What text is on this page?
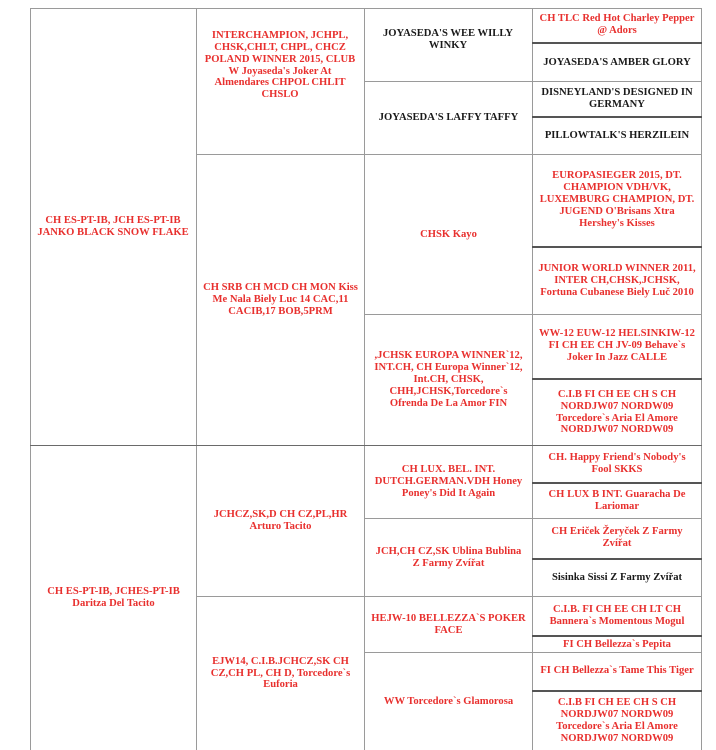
CH ES-PT-IB, JCH ES-PT-IB JANKO BLACK SNOW FLAKE
CH ES-PT-IB, JCHES-PT-IB Daritza Del Tacito
INTERCHAMPION, JCHPL, CHSK,CHLT, CHPL, CHCZ POLAND WINNER 2015, CLUB W Joyaseda's Joker At Almendares CHPOL CHLIT CHSLO
CH SRB CH MCD CH MON Kiss Me Nala Biely Luc 14 CAC,11 CACIB,17 BOB,5PRM
JCHCZ,SK,D CH CZ,PL,HR Arturo Tacito
EJW14, C.I.B.JCHCZ,SK CH CZ,CH PL, CH D, Torcedore`s Euforia
JOYASEDA'S WEE WILLY WINKY
JOYASEDA'S LAFFY TAFFY
CHSK Kayo
,JCHSK EUROPA WINNER`12, INT.CH, CH Europa Winner`12, Int.CH, CHSK, CHH,JCHSK,Torcedore`s Ofrenda De La Amor FIN
CH LUX. BEL. INT. DUTCH.GERMAN.VDH Honey Poney's Did It Again
JCH,CH CZ,SK Ublina Bublina Z Farmy Zvířat
HEJW-10 BELLEZZA`S POKER FACE
WW Torcedore`s Glamorosa
CH TLC Red Hot Charley Pepper @ Adors
JOYASEDA'S AMBER GLORY
DISNEYLAND'S DESIGNED IN GERMANY
PILLOWTALK'S HERZILEIN
EUROPASIEGER 2015, DT. CHAMPION VDH/VK, LUXEMBURG CHAMPION, DT. JUGEND O'Brisans Xtra Hershey's Kisses
JUNIOR WORLD WINNER 2011, INTER CH,CHSK,JCHSK, Fortuna Cubanese Biely Luč 2010
WW-12 EUW-12 HELSINKIW-12 FI CH EE CH JV-09 Behave`s Joker In Jazz CALLE
C.I.B FI CH EE CH S CH NORDJW07 NORDW09 Torcedore`s Aria El Amore NORDJW07 NORDW09
CH. Happy Friend's Nobody's Fool SKKS
CH LUX B INT. Guaracha De Lariomar
CH Eriček Žeryček Z Farmy Zvířat
Sisinka Sissi Z Farmy Zvířat
C.I.B. FI CH EE CH LT CH Bannera`s Momentous Mogul
FI CH Bellezza`s Pepita
FI CH Bellezza`s Tame This Tiger
C.I.B FI CH EE CH S CH NORDJW07 NORDW09 Torcedore`s Aria El Amore NORDJW07 NORDW09
